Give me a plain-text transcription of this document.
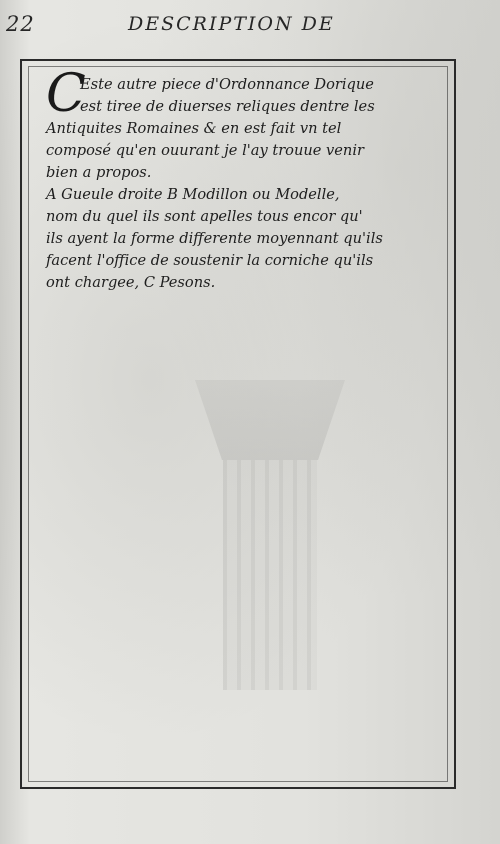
22	DESCRIPTION DE
C
Este autre piece d'Ordonnance Dorique
est tiree de diuerses reliques dentre les
Antiquites Romaines & en est fait vn tel
composé qu'en ouurant je l'ay trouue venir
bien a propos.
A Gueule droite B Modillon ou Modelle,
nom du quel ils sont apelles tous encor qu'
ils ayent la forme differente moyennant qu'ils
facent l'office de soustenir la corniche qu'ils
ont chargee, C Pesons.
